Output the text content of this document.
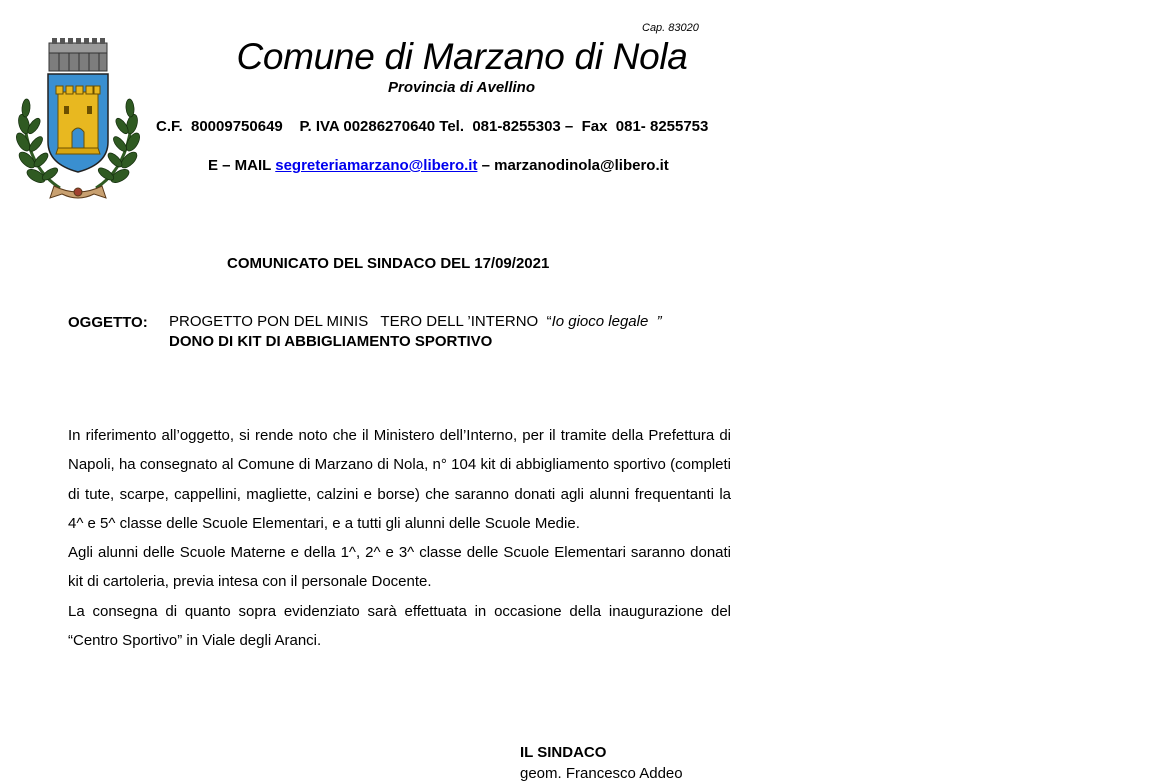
Cap. 83020
Comune di Marzano di Nola
Provincia di Avellino
C.F.  80009750649    P. IVA 00286270640 Tel.  081-8255303 –  Fax  081- 8255753
E – MAIL segreteriamarzano@libero.it – marzanodinola@libero.it
COMUNICATO DEL SINDACO DEL 17/09/2021
OGGETTO: PROGETTO PON DEL MINIS   TERO DELL ’INTERNO  “Io gioco legale  ”
DONO DI KIT DI ABBIGLIAMENTO SPORTIVO

In riferimento all’oggetto, si rende noto che il Ministero dell’Interno, per il tramite della Prefettura di Napoli, ha consegnato al Comune di Marzano di Nola, n° 104 kit di abbigliamento sportivo (completi di tute, scarpe, cappellini, magliette, calzini e borse) che saranno donati agli alunni frequentanti la 4^ e 5^ classe delle Scuole Elementari, e a tutti gli alunni delle Scuole Medie.

Agli alunni delle Scuole Materne e della 1^, 2^ e 3^ classe delle Scuole Elementari saranno donati kit di cartoleria, previa intesa con il personale Docente.

La consegna di quanto sopra evidenziato sarà effettuata in occasione della inaugurazione del “Centro Sportivo” in Viale degli Aranci.

IL SINDACO
geom. Francesco Addeo
